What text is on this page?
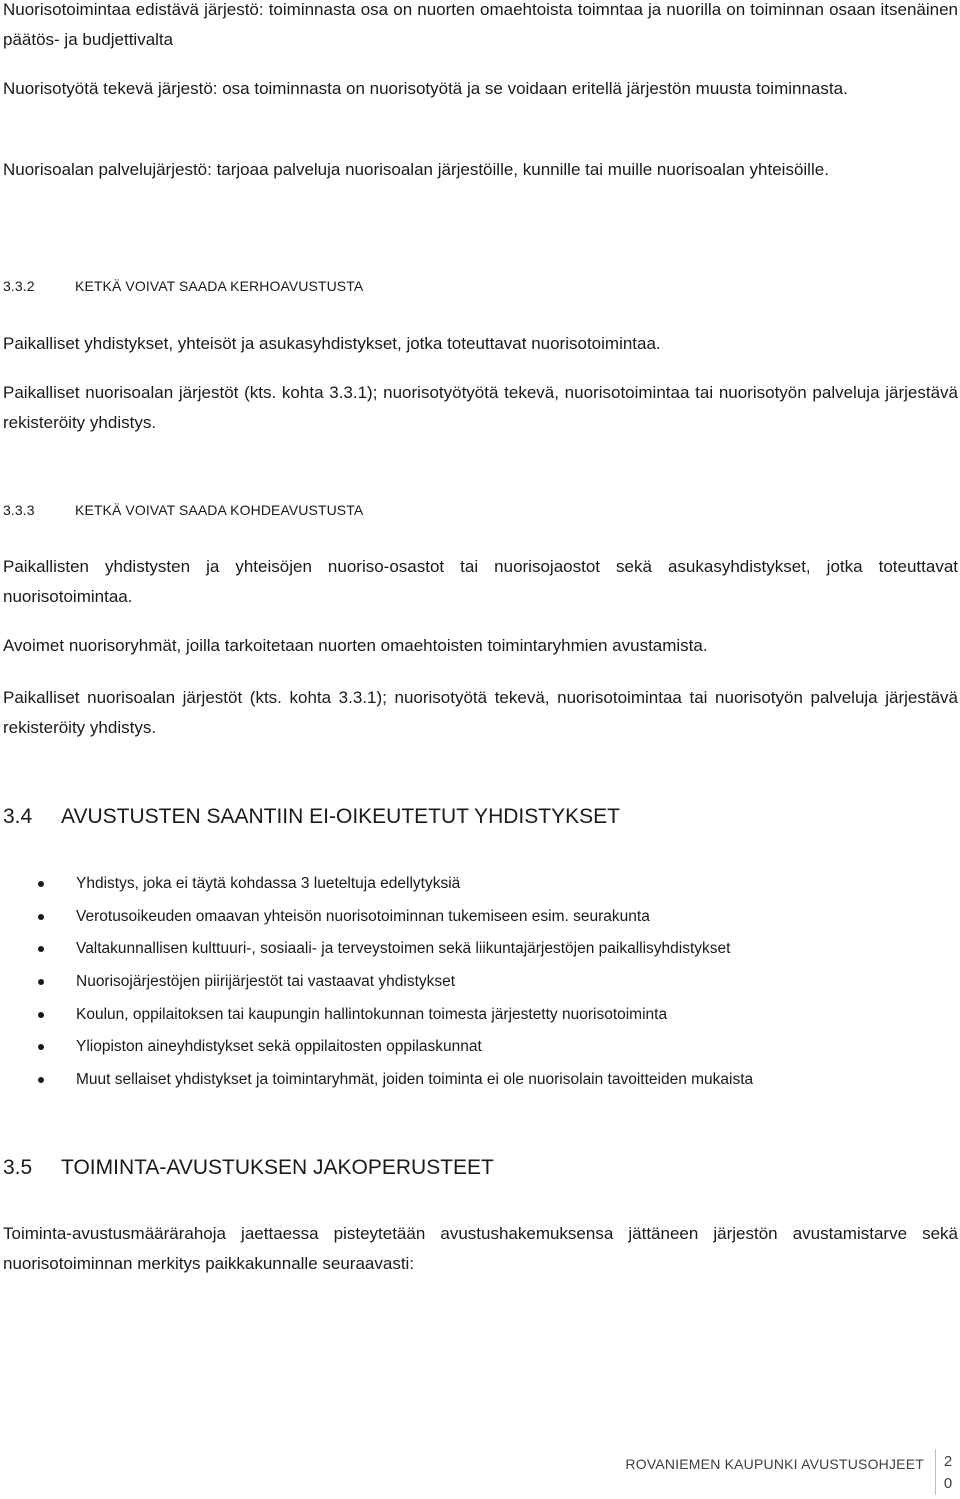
Nuorisotoimintaa edistävä järjestö: toiminnasta osa on nuorten omaehtoista toimntaa ja nuorilla on toiminnan osaan itsenäinen päätös- ja budjettivalta

Nuorisotyötä tekevä järjestö: osa toiminnasta on nuorisotyötä ja se voidaan eritellä järjestön muusta toiminnasta.

Nuorisoalan palvelujärjestö: tarjoaa palveluja nuorisoalan järjestöille, kunnille tai muille nuorisoalan yhteisöille.

3.3.2	KETKÄ VOIVAT SAADA KERHOAVUSTUSTA

Paikalliset yhdistykset, yhteisöt ja asukasyhdistykset, jotka toteuttavat nuorisotoimintaa.

Paikalliset nuorisoalan järjestöt (kts. kohta 3.3.1); nuorisotyötyötä tekevä, nuorisotoimintaa tai nuorisotyön palveluja järjestävä rekisteröity yhdistys.

3.3.3	KETKÄ VOIVAT SAADA KOHDEAVUSTUSTA

Paikallisten yhdistysten ja yhteisöjen nuoriso-osastot tai nuorisojaostot sekä asukasyhdistykset, jotka toteuttavat nuorisotoimintaa.

Avoimet nuorisoryhmät, joilla tarkoitetaan nuorten omaehtoisten toimintaryhmien avustamista.

Paikalliset nuorisoalan järjestöt (kts. kohta 3.3.1); nuorisotyötä tekevä, nuorisotoimintaa tai nuorisotyön palveluja järjestävä rekisteröity yhdistys.

3.4 AVUSTUSTEN SAANTIIN EI-OIKEUTETUT YHDISTYKSET
Yhdistys, joka ei täytä kohdassa 3 lueteltuja edellytyksiä
Verotusoikeuden omaavan yhteisön nuorisotoiminnan tukemiseen esim. seurakunta
Valtakunnallisen kulttuuri-, sosiaali- ja terveystoimen sekä liikuntajärjestöjen paikallisyhdistykset
Nuorisojärjestöjen piirijärjestöt tai vastaavat yhdistykset
Koulun, oppilaitoksen tai kaupungin hallintokunnan toimesta järjestetty nuorisotoiminta
Yliopiston aineyhdistykset sekä oppilaitosten oppilaskunnat
Muut sellaiset yhdistykset ja toimintaryhmät, joiden toiminta ei ole nuorisolain tavoitteiden mukaista
3.5 TOIMINTA-AVUSTUKSEN JAKOPERUSTEET

Toiminta-avustusmäärärahoja jaettaessa pisteytetään avustushakemuksensa jättäneen järjestön avustamistarve sekä nuorisotoiminnan merkitys paikkakunnalle seuraavasti:

ROVANIEMEN KAUPUNKI AVUSTUSOHJEET 2
0
